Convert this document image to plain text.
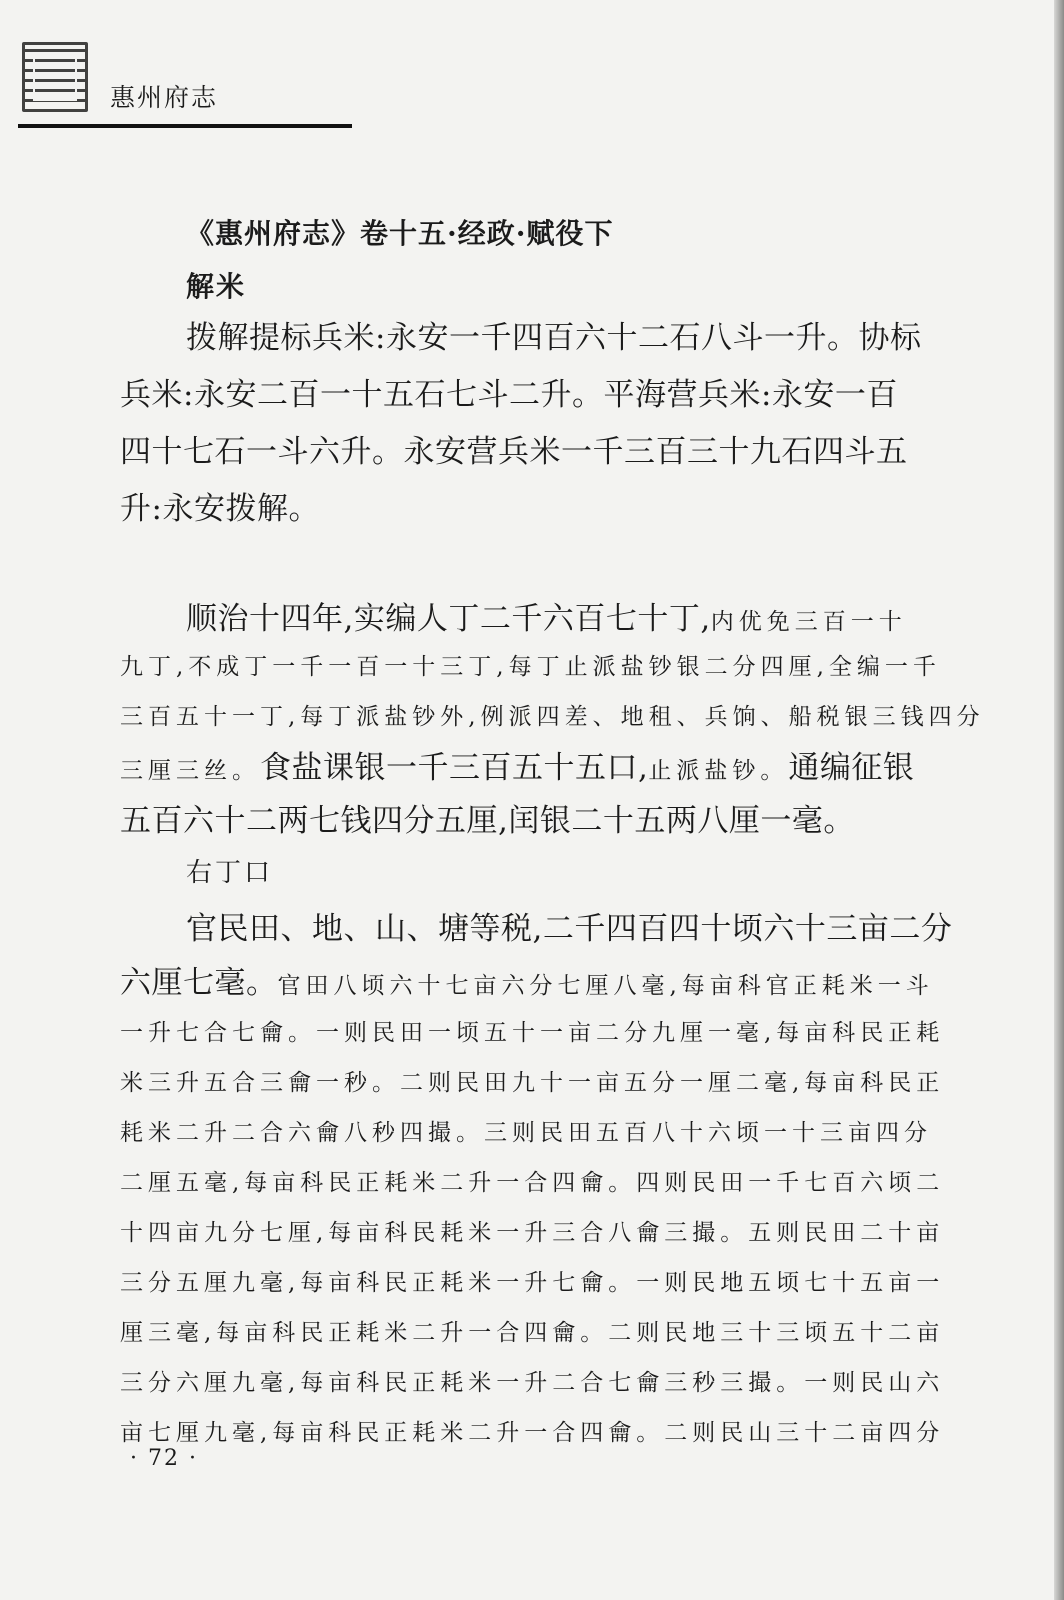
惠州府志
《惠州府志》卷十五·经政·赋役下
解米
拨解提标兵米:永安一千四百六十二石八斗一升。协标
兵米:永安二百一十五石七斗二升。平海营兵米:永安一百
四十七石一斗六升。永安营兵米一千三百三十九石四斗五
升:永安拨解。
顺治十四年,实编人丁二千六百七十丁,内优免三百一十
九丁,不成丁一千一百一十三丁,每丁止派盐钞银二分四厘,全编一千
三百五十一丁,每丁派盐钞外,例派四差、地租、兵饷、船税银三钱四分
三厘三丝。食盐课银一千三百五十五口,止派盐钞。通编征银
五百六十二两七钱四分五厘,闰银二十五两八厘一毫。
右丁口
官民田、地、山、塘等税,二千四百四十顷六十三亩二分
六厘七毫。官田八顷六十七亩六分七厘八毫,每亩科官正耗米一斗
一升七合七龠。一则民田一顷五十一亩二分九厘一毫,每亩科民正耗
米三升五合三龠一秒。二则民田九十一亩五分一厘二毫,每亩科民正
耗米二升二合六龠八秒四撮。三则民田五百八十六顷一十三亩四分
二厘五毫,每亩科民正耗米二升一合四龠。四则民田一千七百六顷二
十四亩九分七厘,每亩科民耗米一升三合八龠三撮。五则民田二十亩
三分五厘九毫,每亩科民正耗米一升七龠。一则民地五顷七十五亩一
厘三毫,每亩科民正耗米二升一合四龠。二则民地三十三顷五十二亩
三分六厘九毫,每亩科民正耗米一升二合七龠三秒三撮。一则民山六
亩七厘九毫,每亩科民正耗米二升一合四龠。二则民山三十二亩四分
· 72 ·
